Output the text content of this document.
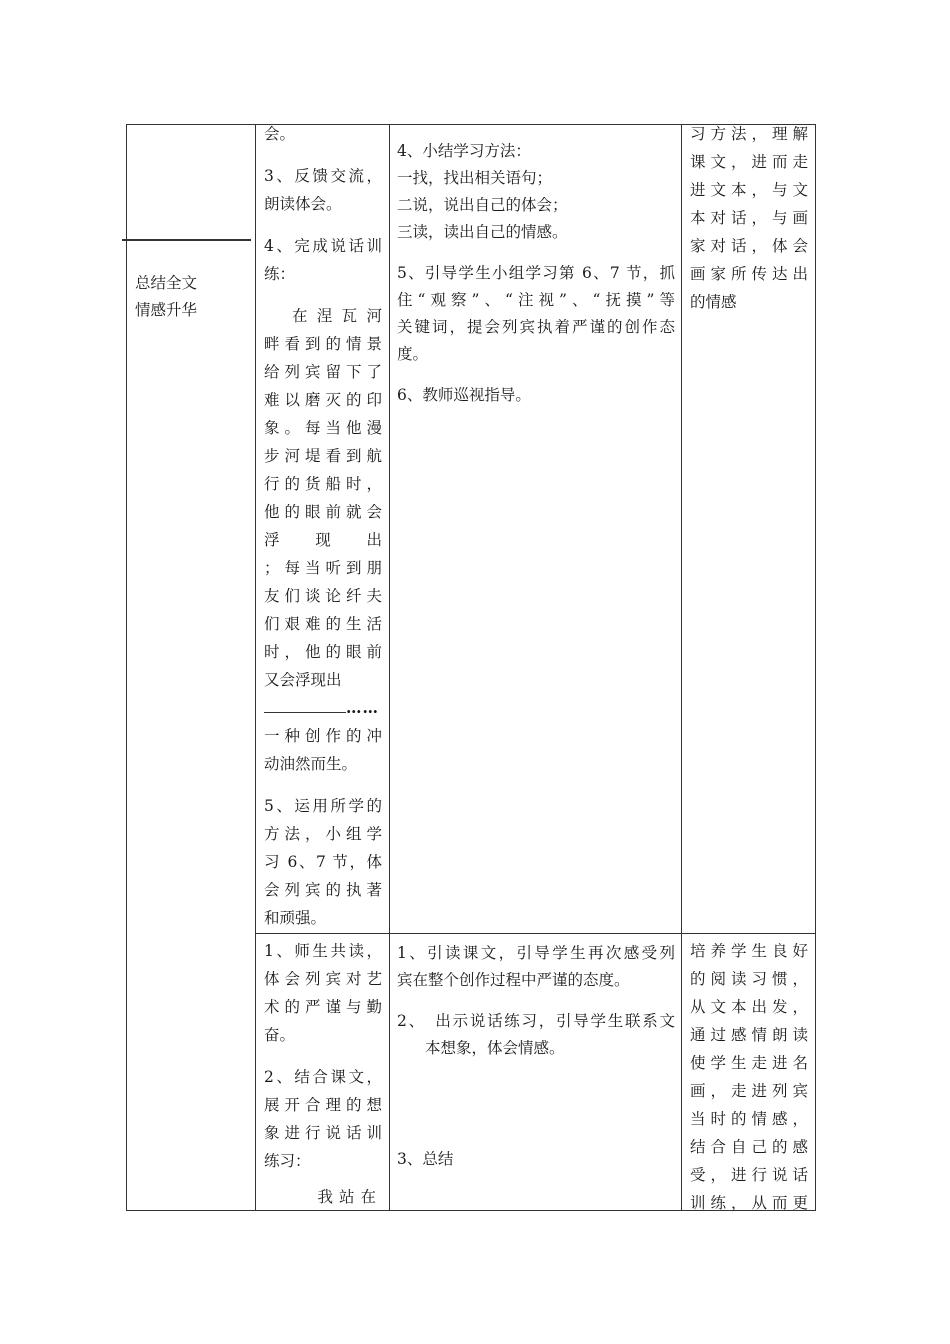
总结全文
情感升华

会。

3、反馈交流，
朗读体会。

4、完成说话训
练：

在涅瓦河
畔看到的情景
给列宾留下了
难以磨灭的印
象。每当他漫
步河堤看到航
行的货船时，
他的眼前就会
浮　现　出
；每当听到朋
友们谈论纤夫
们艰难的生活
时，他的眼前
又会浮现出
……
一种创作的冲
动油然而生。

5、运用所学的
方法，小组学
习 6、7 节，体
会列宾的执著
和顽强。

4、小结学习方法：
一找，找出相关语句；
二说，说出自己的体会；
三读，读出自己的情感。

5、引导学生小组学习第 6、7 节，抓
住“观察”、“注视”、“抚摸”等
关键词，提会列宾执着严谨的创作态
度。

6、教师巡视指导。

习方法，理解
课文，进而走
进文本，与文
本对话，与画
家对话，体会
画家所传达出
的情感

1、师生共读，
体会列宾对艺
术的严谨与勤
奋。

2、结合课文，
展开合理的想
象进行说话训
练习：

我站在

1、引读课文，引导学生再次感受列
宾在整个创作过程中严谨的态度。

2、　出示说话练习，引导学生联系文
本想象，体会情感。

3、总结

培养学生良好
的阅读习惯，
从文本出发，
通过感情朗读
使学生走进名
画，走进列宾
当时的情感，
结合自己的感
受，进行说话
训练，从而更
